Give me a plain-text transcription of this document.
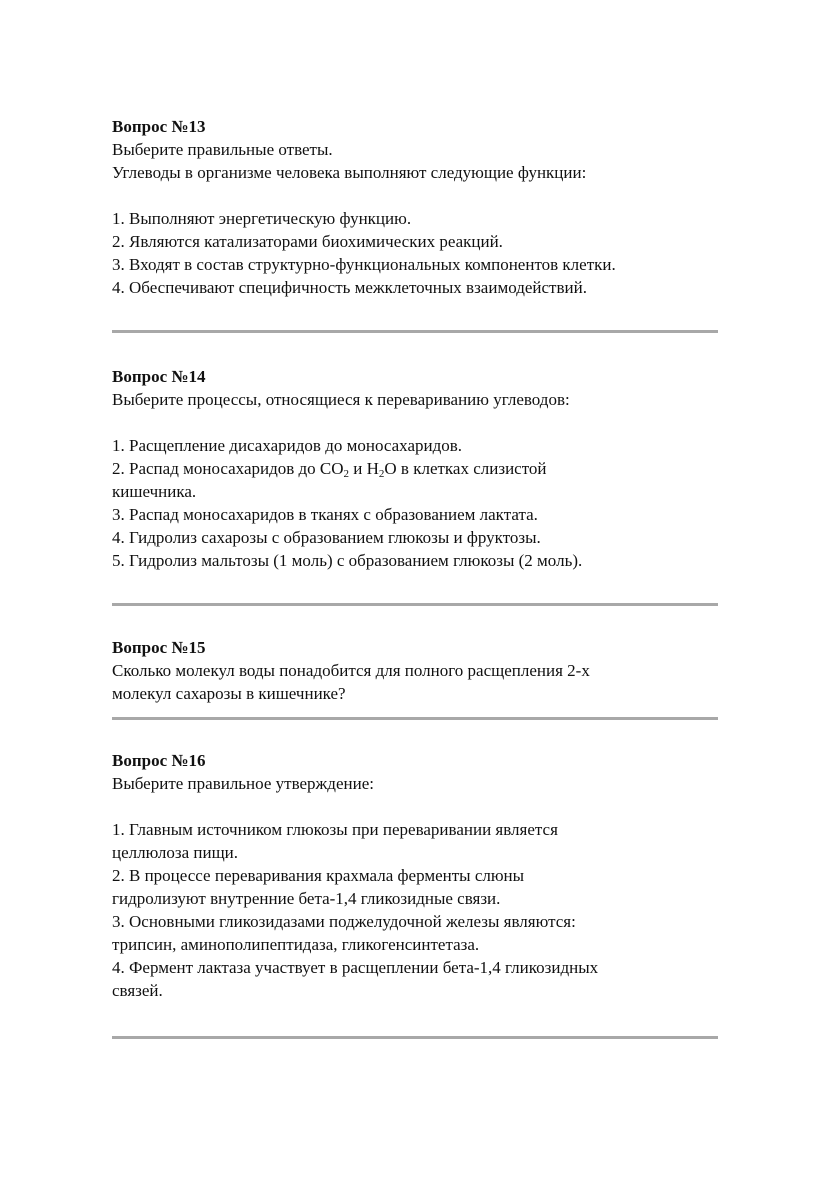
Вопрос №13

Выберите правильные ответы.

Углеводы в организме человека выполняют следующие функции:

1. Выполняют энергетическую функцию.

2. Являются катализаторами биохимических реакций.

3. Входят в состав структурно-функциональных компонентов клетки.

4. Обеспечивают специфичность межклеточных взаимодействий.

Вопрос №14

Выберите процессы, относящиеся к перевариванию углеводов:

1. Расщепление дисахаридов до моносахаридов.

2. Распад моносахаридов до $CO_2$ и $H_2O$ в клетках слизистой

кишечника.

3. Распад моносахаридов в тканях с образованием лактата.

4. Гидролиз сахарозы с образованием глюкозы и фруктозы.

5. Гидролиз мальтозы (1 моль) с образованием глюкозы (2 моль).

Вопрос №15

Сколько молекул воды понадобится для полного расщепления 2-х

молекул сахарозы в кишечнике?

Вопрос №16

Выберите правильное утверждение:

1. Главным источником глюкозы при переваривании является

целлюлоза пищи.

2. В процессе переваривания крахмала ферменты слюны

гидролизуют внутренние бета-1,4 гликозидные связи.

3. Основными гликозидазами поджелудочной железы являются:

трипсин, аминополипептидаза, гликогенсинтетаза.

4. Фермент лактаза участвует в расщеплении бета-1,4 гликозидных

связей.
